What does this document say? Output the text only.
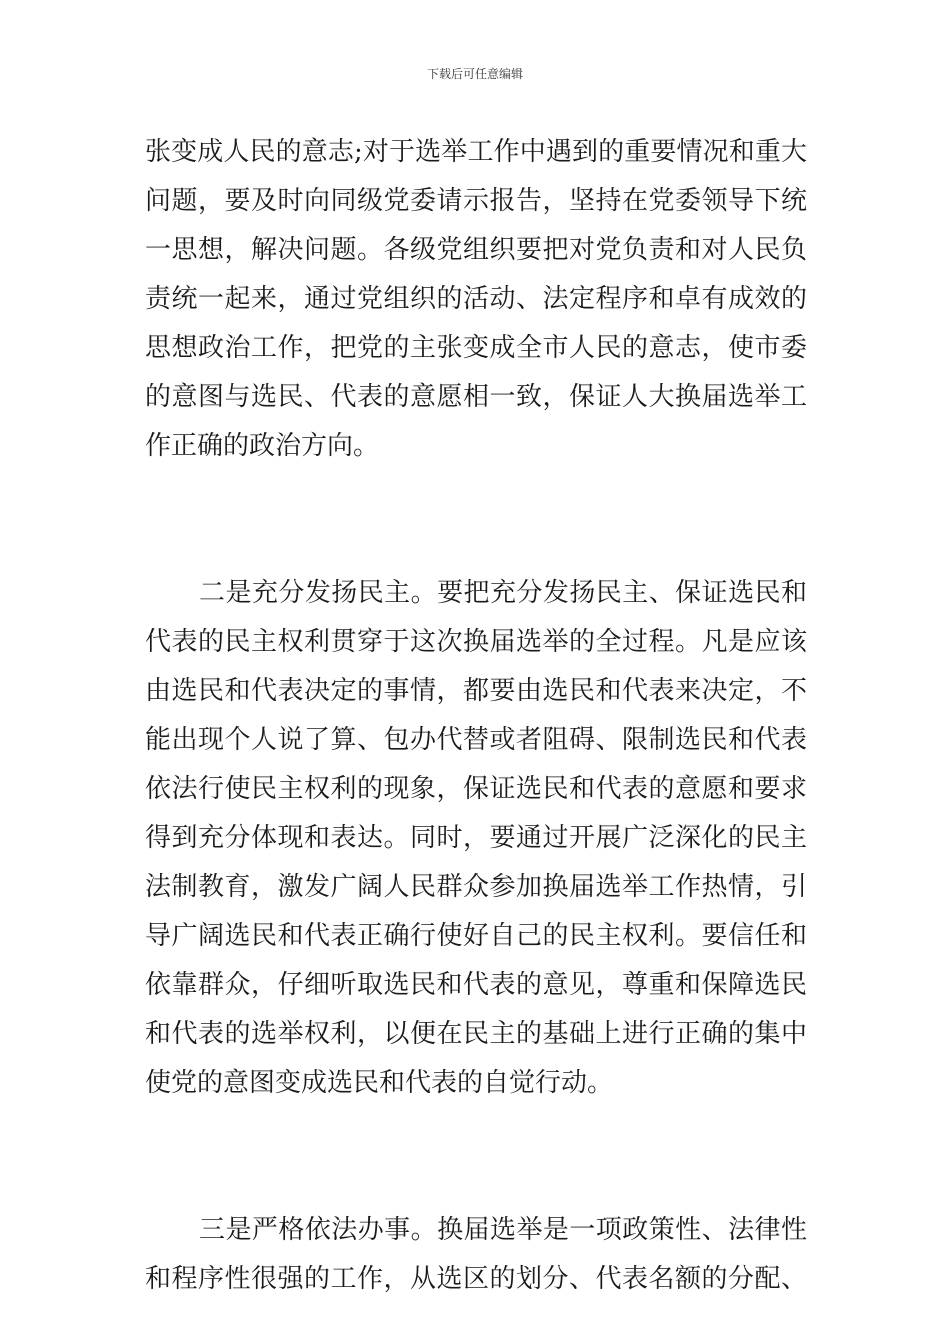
下载后可任意编辑
张变成人民的意志;对于选举工作中遇到的重要情况和重大
问题，要及时向同级党委请示报告，坚持在党委领导下统
一思想，解决问题。各级党组织要把对党负责和对人民负
责统一起来，通过党组织的活动、法定程序和卓有成效的
思想政治工作，把党的主张变成全市人民的意志，使市委
的意图与选民、代表的意愿相一致，保证人大换届选举工
作正确的政治方向。
二是充分发扬民主。要把充分发扬民主、保证选民和
代表的民主权利贯穿于这次换届选举的全过程。凡是应该
由选民和代表决定的事情，都要由选民和代表来决定，不
能出现个人说了算、包办代替或者阻碍、限制选民和代表
依法行使民主权利的现象，保证选民和代表的意愿和要求
得到充分体现和表达。同时，要通过开展广泛深化的民主
法制教育，激发广阔人民群众参加换届选举工作热情，引
导广阔选民和代表正确行使好自己的民主权利。要信任和
依靠群众，仔细听取选民和代表的意见，尊重和保障选民
和代表的选举权利，以便在民主的基础上进行正确的集中
使党的意图变成选民和代表的自觉行动。
三是严格依法办事。换届选举是一项政策性、法律性
和程序性很强的工作，从选区的划分、代表名额的分配、
